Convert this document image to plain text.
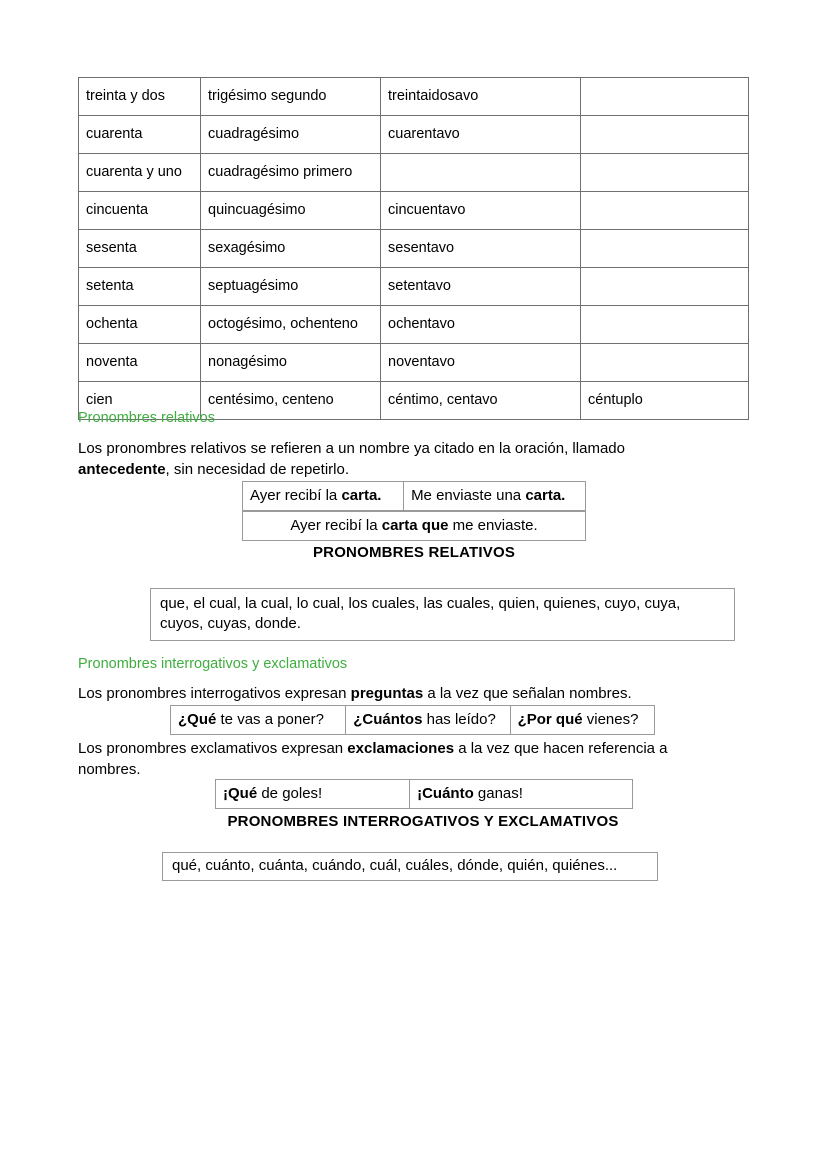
treinta y dos	trigésimo segundo	treintaidosavo	
cuarenta	cuadragésimo	cuarentavo	
cuarenta y uno	cuadragésimo primero		
cincuenta	quincuagésimo	cincuentavo	
sesenta	sexagésimo	sesentavo	
setenta	septuagésimo	setentavo	
ochenta	octogésimo, ochenteno	ochentavo	
noventa	nonagésimo	noventavo	
cien	centésimo, centeno	céntimo, centavo	céntuplo
Pronombres relativos
Los pronombres relativos se refieren a un nombre ya citado en la oración, llamado antecedente, sin necesidad de repetirlo.
Ayer recibí la carta.	Me enviaste una carta.
Ayer recibí la carta que me enviaste.
PRONOMBRES RELATIVOS
que, el cual, la cual, lo cual, los cuales, las cuales, quien, quienes, cuyo, cuya, cuyos, cuyas, donde.
Pronombres interrogativos y exclamativos
Los pronombres interrogativos expresan preguntas a la vez que señalan nombres.
¿Qué te vas a poner?	¿Cuántos has leído?	¿Por qué vienes?
Los pronombres exclamativos expresan exclamaciones a la vez que hacen referencia a nombres.
¡Qué de goles!	¡Cuánto ganas!
PRONOMBRES INTERROGATIVOS Y EXCLAMATIVOS
qué, cuánto, cuánta, cuándo, cuál, cuáles, dónde, quién, quiénes...
